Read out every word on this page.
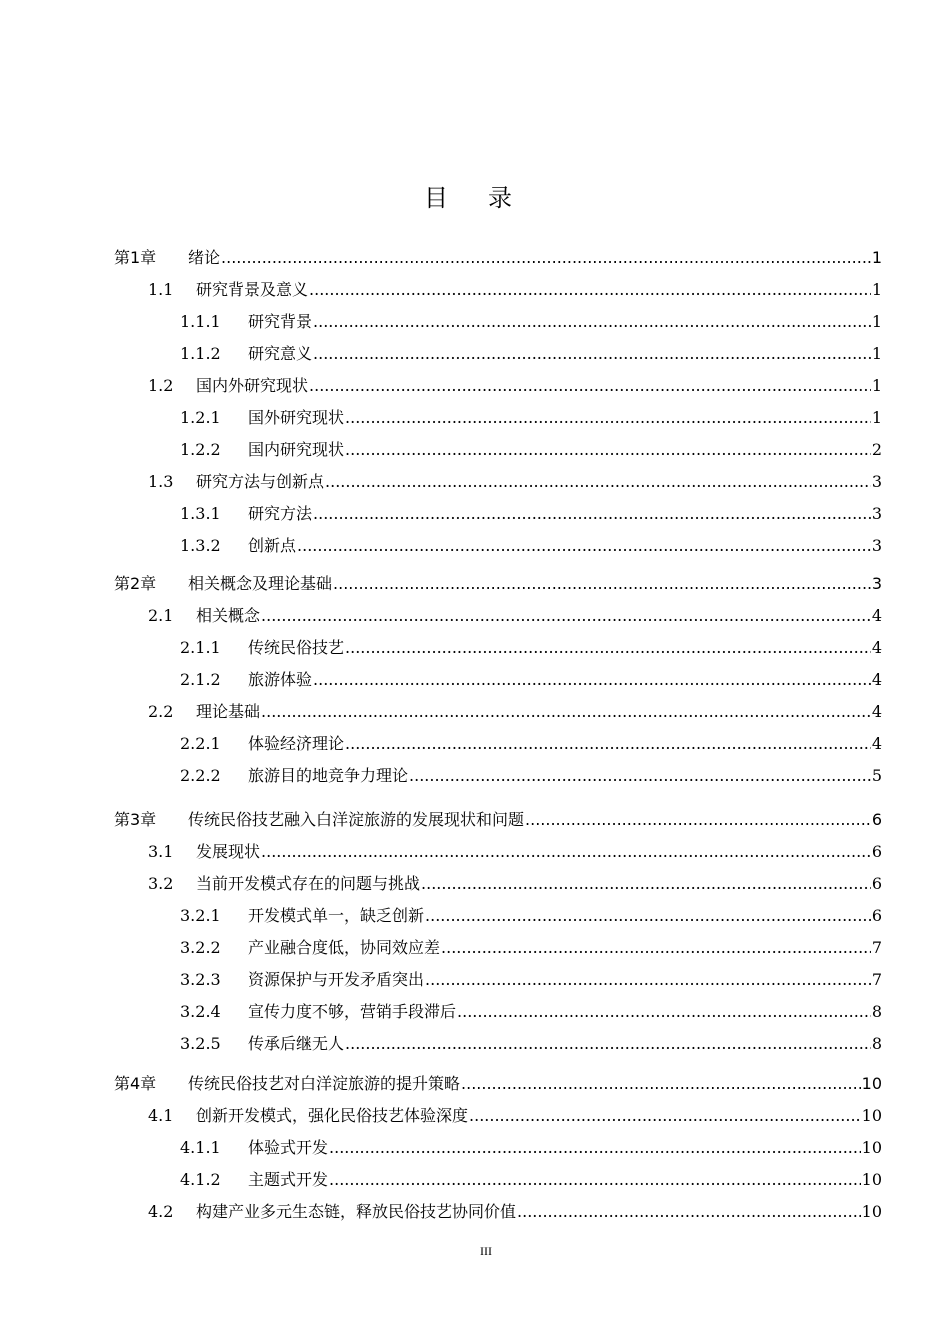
目录
第1章	绪论 .....	1
1.1	研究背景及意义 .....	1
1.1.1	研究背景 .....	1
1.1.2	研究意义 .....	1
1.2	国内外研究现状 .....	1
1.2.1	国外研究现状 .....	1
1.2.2	国内研究现状 .....	2
1.3	研究方法与创新点 .....	3
1.3.1	研究方法 .....	3
1.3.2	创新点 .....	3
第2章	相关概念及理论基础 .....	3
2.1	相关概念 .....	4
2.1.1	传统民俗技艺 .....	4
2.1.2	旅游体验 .....	4
2.2	理论基础 .....	4
2.2.1	体验经济理论 .....	4
2.2.2	旅游目的地竞争力理论 .....	5
第3章	传统民俗技艺融入白洋淀旅游的发展现状和问题 .....	6
3.1	发展现状 .....	6
3.2	当前开发模式存在的问题与挑战 .....	6
3.2.1	开发模式单一，缺乏创新 .....	6
3.2.2	产业融合度低，协同效应差 .....	7
3.2.3	资源保护与开发矛盾突出 .....	7
3.2.4	宣传力度不够，营销手段滞后 .....	8
3.2.5	传承后继无人 .....	8
第4章	传统民俗技艺对白洋淀旅游的提升策略 .....	10
4.1	创新开发模式，强化民俗技艺体验深度 .....	10
4.1.1	体验式开发 .....	10
4.1.2	主题式开发 .....	10
4.2	构建产业多元生态链，释放民俗技艺协同价值 .....	10
III
